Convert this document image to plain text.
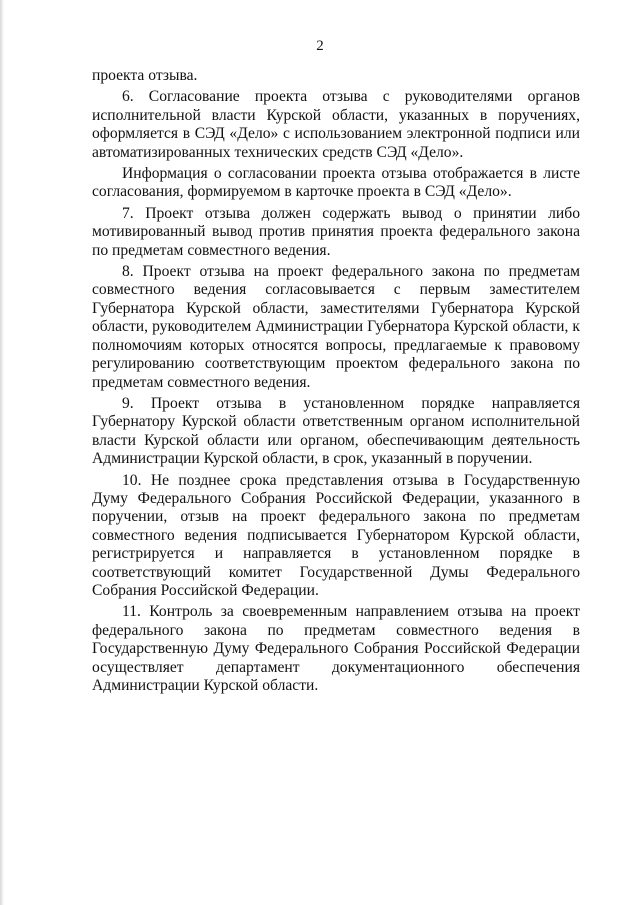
2

проекта отзыва.

6. Согласование проекта отзыва с руководителями органов исполнительной власти Курской области, указанных в поручениях, оформляется в СЭД «Дело» с использованием электронной подписи или автоматизированных технических средств СЭД «Дело».

Информация о согласовании проекта отзыва отображается в листе согласования, формируемом в карточке проекта в СЭД «Дело».

7. Проект отзыва должен содержать вывод о принятии либо мотивированный вывод против принятия проекта федерального закона по предметам совместного ведения.

8. Проект отзыва на проект федерального закона по предметам совместного ведения согласовывается с первым заместителем Губернатора Курской области, заместителями Губернатора Курской области, руководителем Администрации Губернатора Курской области, к полномочиям которых относятся вопросы, предлагаемые к правовому регулированию соответствующим проектом федерального закона по предметам совместного ведения.

9. Проект отзыва в установленном порядке направляется Губернатору Курской области ответственным органом исполнительной власти Курской области или органом, обеспечивающим деятельность Администрации Курской области, в срок, указанный в поручении.

10. Не позднее срока представления отзыва в Государственную Думу Федерального Собрания Российской Федерации, указанного в поручении, отзыв на проект федерального закона по предметам совместного ведения подписывается Губернатором Курской области, регистрируется и направляется в установленном порядке в соответствующий комитет Государственной Думы Федерального Собрания Российской Федерации.

11. Контроль за своевременным направлением отзыва на проект федерального закона по предметам совместного ведения в Государственную Думу Федерального Собрания Российской Федерации осуществляет департамент документационного обеспечения Администрации Курской области.
